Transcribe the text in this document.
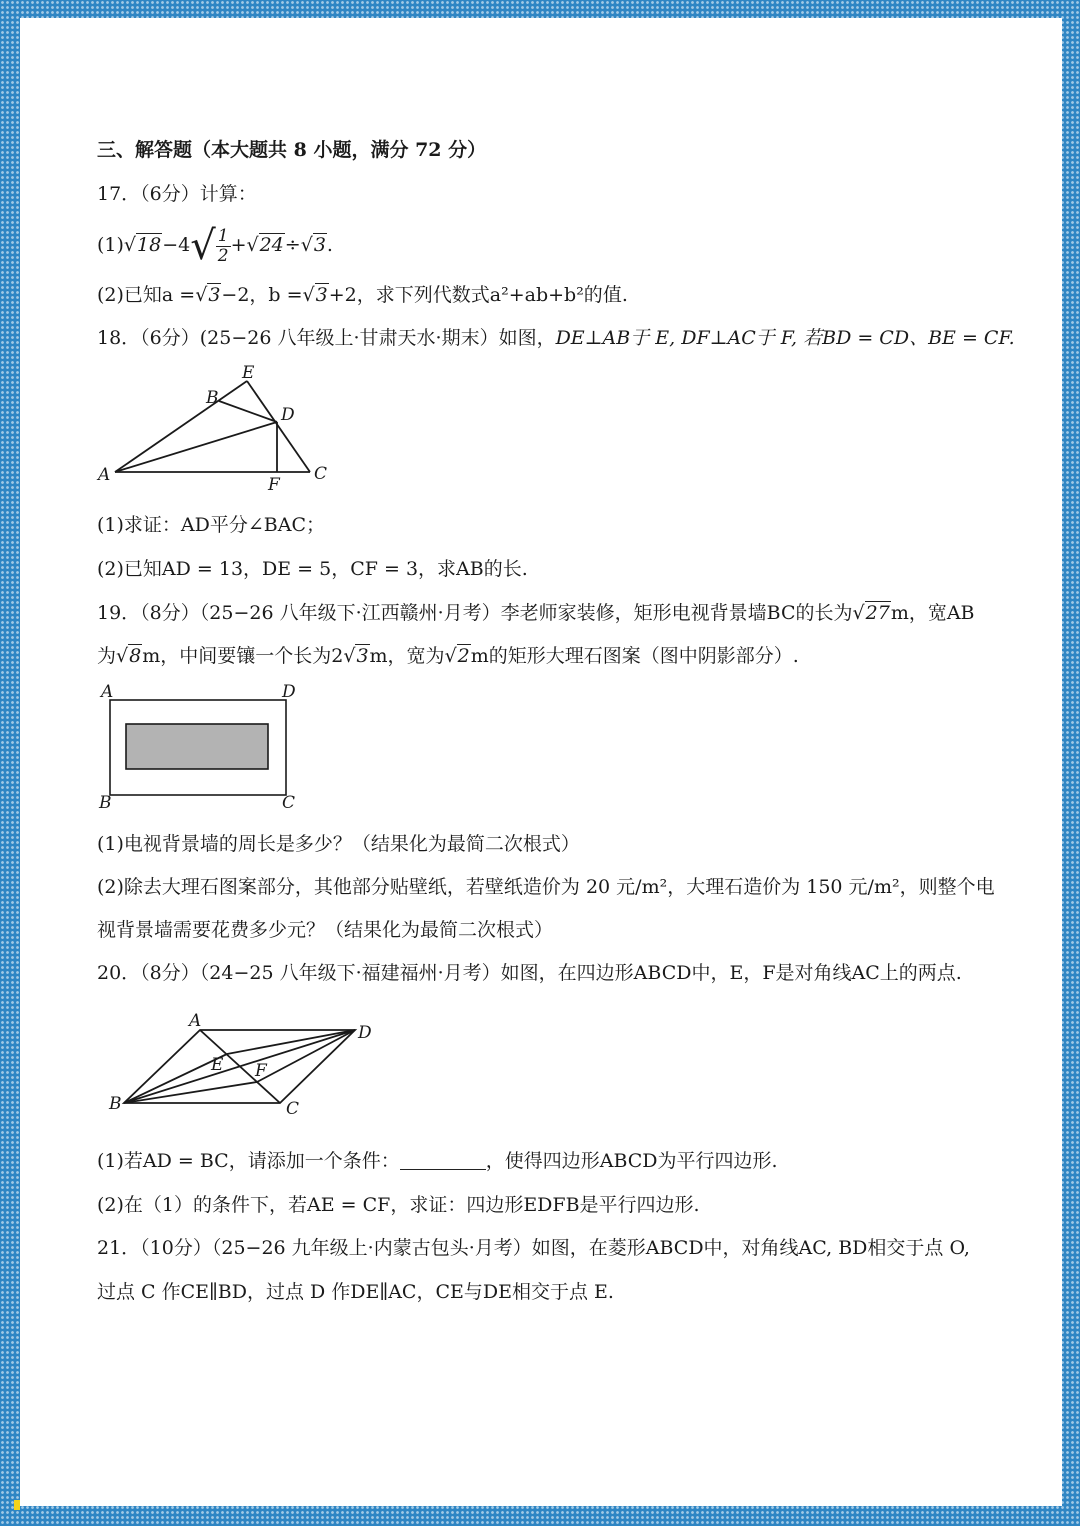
三、解答题（本大题共 8 小题，满分 72 分）
17．（6分）计算：
$(1)√18-4√ \frac{1}{2} +√24\div√3$.
(2)已知a =√3−2，b =√3+2，求下列代数式a²+ab+b²的值.
18．（6分）(25−26 八年级上·甘肃天水·期末）如图，DE⊥AB于 E, DF⊥AC于 F, 若BD = CD、BE = CF.
E
B
D
A	F
C
(1)求证：AD平分∠BAC；
(2)已知AD = 13，DE = 5，CF = 3，求AB的长.
19．（8分）（25−26 八年级下·江西赣州·月考）李老师家装修，矩形电视背景墙BC的长为√27m，宽AB
为√8m，中间要镶一个长为2√3m，宽为√2m的矩形大理石图案（图中阴影部分）.
A	D
B	C
(1)电视背景墙的周长是多少？（结果化为最简二次根式）
(2)除去大理石图案部分，其他部分贴壁纸，若壁纸造价为 20 元/m²，大理石造价为 150 元/m²，则整个电
视背景墙需要花费多少元？（结果化为最简二次根式）
20．（8分）（24−25 八年级下·福建福州·月考）如图，在四边形ABCD中，E，F是对角线AC上的两点.
A
D
E F
B	C
(1)若AD = BC，请添加一个条件：	，使得四边形ABCD为平行四边形.
(2)在（1）的条件下，若AE = CF，求证：四边形EDFB是平行四边形.
21．（10分）（25−26 九年级上·内蒙古包头·月考）如图，在菱形ABCD中，对角线AC, BD相交于点 O,
过点 C 作CE∥BD，过点 D 作DE∥AC，CE与DE相交于点 E.
